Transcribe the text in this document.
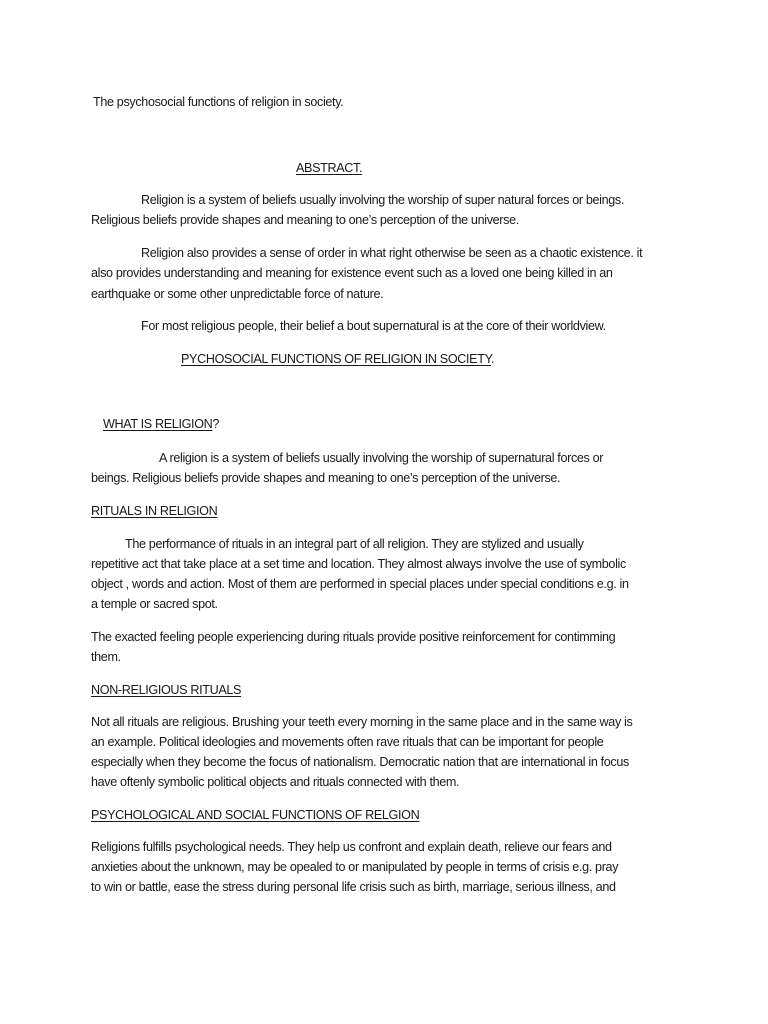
The psychosocial functions of religion in society.
ABSTRACT.
Religion is a system of beliefs usually involving the worship of super natural forces or beings.
Religious beliefs provide shapes and meaning to one’s perception of the universe.
Religion also provides a sense of order in what right otherwise be seen as a chaotic existence. it
also provides understanding and meaning for existence event such as a loved one being killed in an
earthquake or some other unpredictable force of nature.
For most religious people, their belief a bout supernatural is at the core of their worldview.
PYCHOSOCIAL FUNCTIONS OF RELIGION IN SOCIETY.
WHAT IS RELIGION?
A religion is a system of beliefs usually involving the worship of supernatural forces or
beings. Religious beliefs provide shapes and meaning to one’s perception of the universe.
RITUALS IN RELIGION
The performance of rituals in an integral part of all religion. They are stylized and usually
repetitive act that take place at a set time and location. They almost always involve the use of symbolic
object , words and action. Most of them are performed in special places under special conditions e.g. in
a temple or sacred spot.
The exacted feeling people experiencing during rituals provide positive reinforcement for contimming
them.
NON-RELIGIOUS RITUALS
Not all rituals are religious. Brushing your teeth every morning in the same place and in the same way is
an example. Political ideologies and movements often rave rituals that can be important for people
especially when they become the focus of nationalism. Democratic nation that are international in focus
have oftenly symbolic political objects and rituals connected with them.
PSYCHOLOGICAL AND SOCIAL FUNCTIONS OF RELGION
Religions fulfills psychological needs. They help us confront and explain death, relieve our fears and
anxieties about the unknown, may be opealed to or manipulated by people in terms of crisis e.g. pray
to win or battle, ease the stress during personal life crisis such as birth, marriage, serious illness, and
